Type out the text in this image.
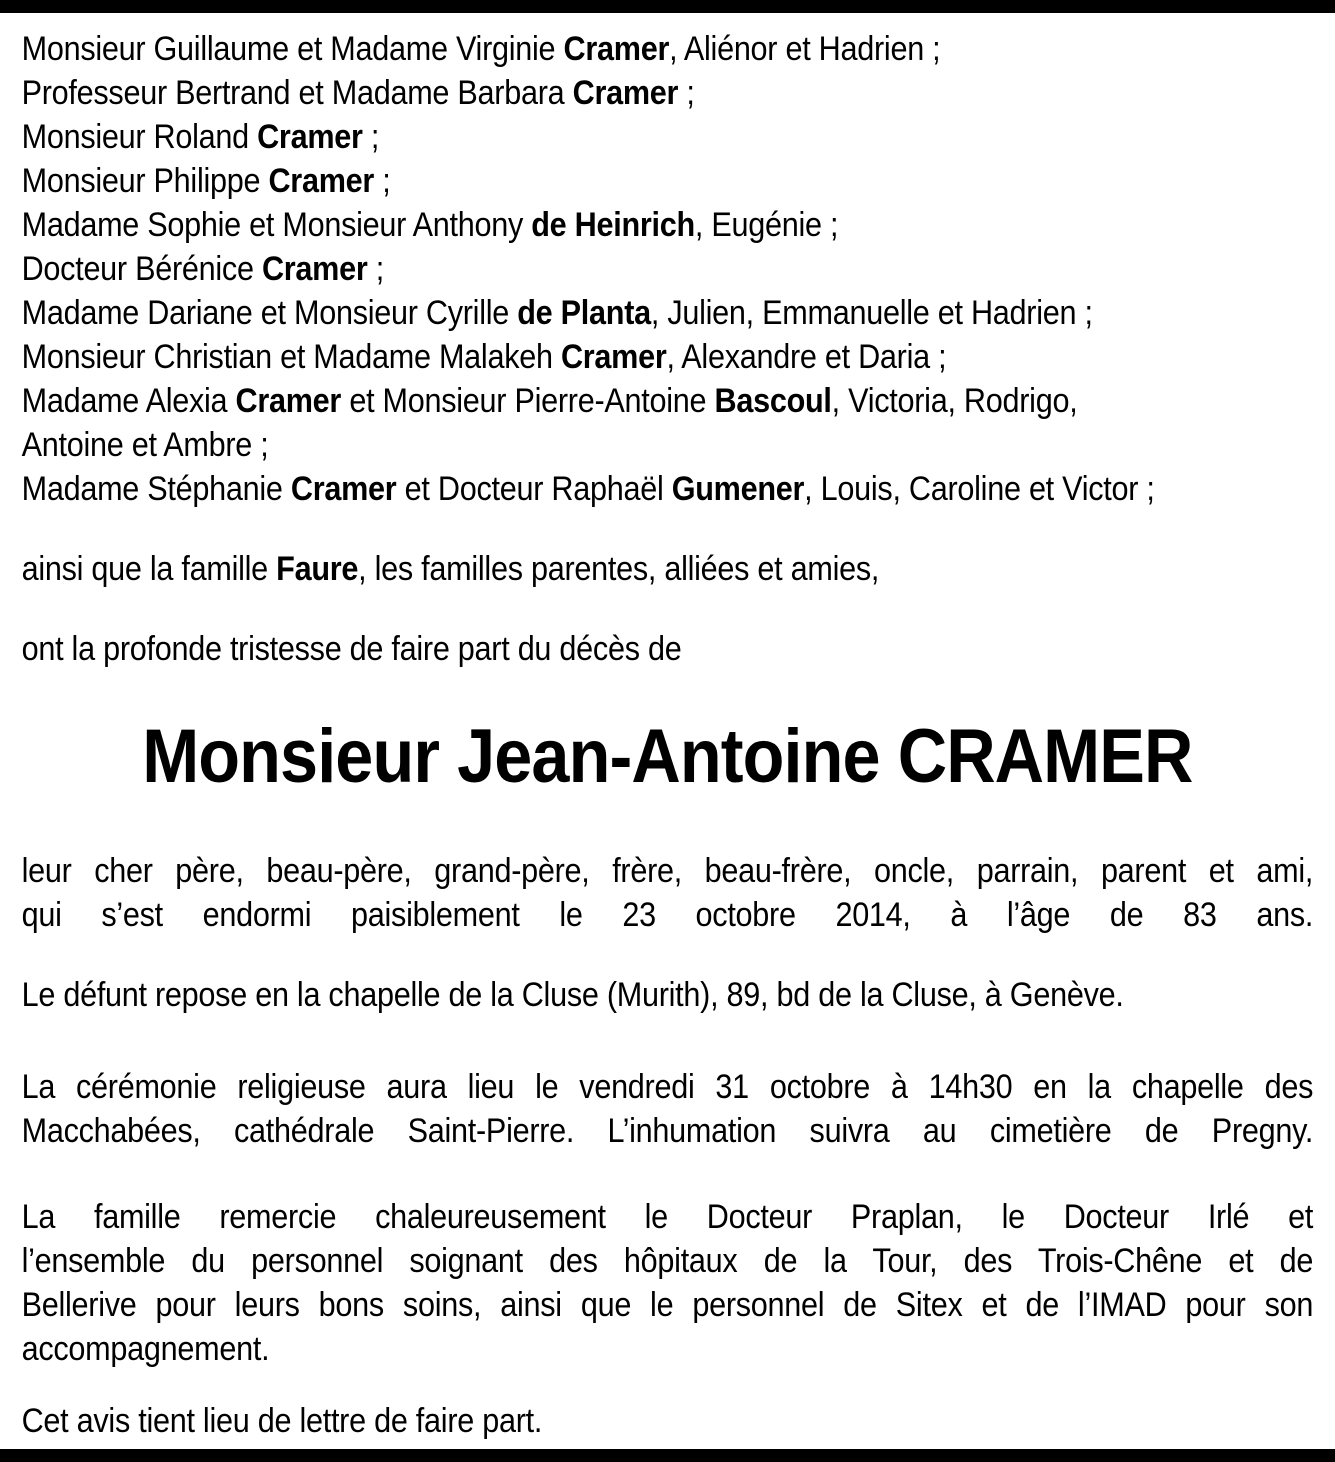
Monsieur Guillaume et Madame Virginie Cramer, Aliénor et Hadrien ;
Professeur Bertrand et Madame Barbara Cramer ;
Monsieur Roland Cramer ;
Monsieur Philippe Cramer ;
Madame Sophie et Monsieur Anthony de Heinrich, Eugénie ;
Docteur Bérénice Cramer ;
Madame Dariane et Monsieur Cyrille de Planta, Julien, Emmanuelle et Hadrien ;
Monsieur Christian et Madame Malakeh Cramer, Alexandre et Daria ;
Madame Alexia Cramer et Monsieur Pierre-Antoine Bascoul, Victoria, Rodrigo,
Antoine et Ambre ;
Madame Stéphanie Cramer et Docteur Raphaël Gumener, Louis, Caroline et Victor ;
ainsi que la famille Faure, les familles parentes, alliées et amies,
ont la profonde tristesse de faire part du décès de
Monsieur Jean-Antoine CRAMER
leur cher père, beau-père, grand-père, frère, beau-frère, oncle, parrain, parent et ami,
qui s’est endormi paisiblement le 23 octobre 2014, à l’âge de 83 ans.
Le défunt repose en la chapelle de la Cluse (Murith), 89, bd de la Cluse, à Genève.
La cérémonie religieuse aura lieu le vendredi 31 octobre à 14h30 en la chapelle des
Macchabées, cathédrale Saint-Pierre. L’inhumation suivra au cimetière de Pregny.
La famille remercie chaleureusement le Docteur Praplan, le Docteur Irlé et
l’ensemble du personnel soignant des hôpitaux de la Tour, des Trois-Chêne et de
Bellerive pour leurs bons soins, ainsi que le personnel de Sitex et de l’IMAD pour son
accompagnement.
Cet avis tient lieu de lettre de faire part.
